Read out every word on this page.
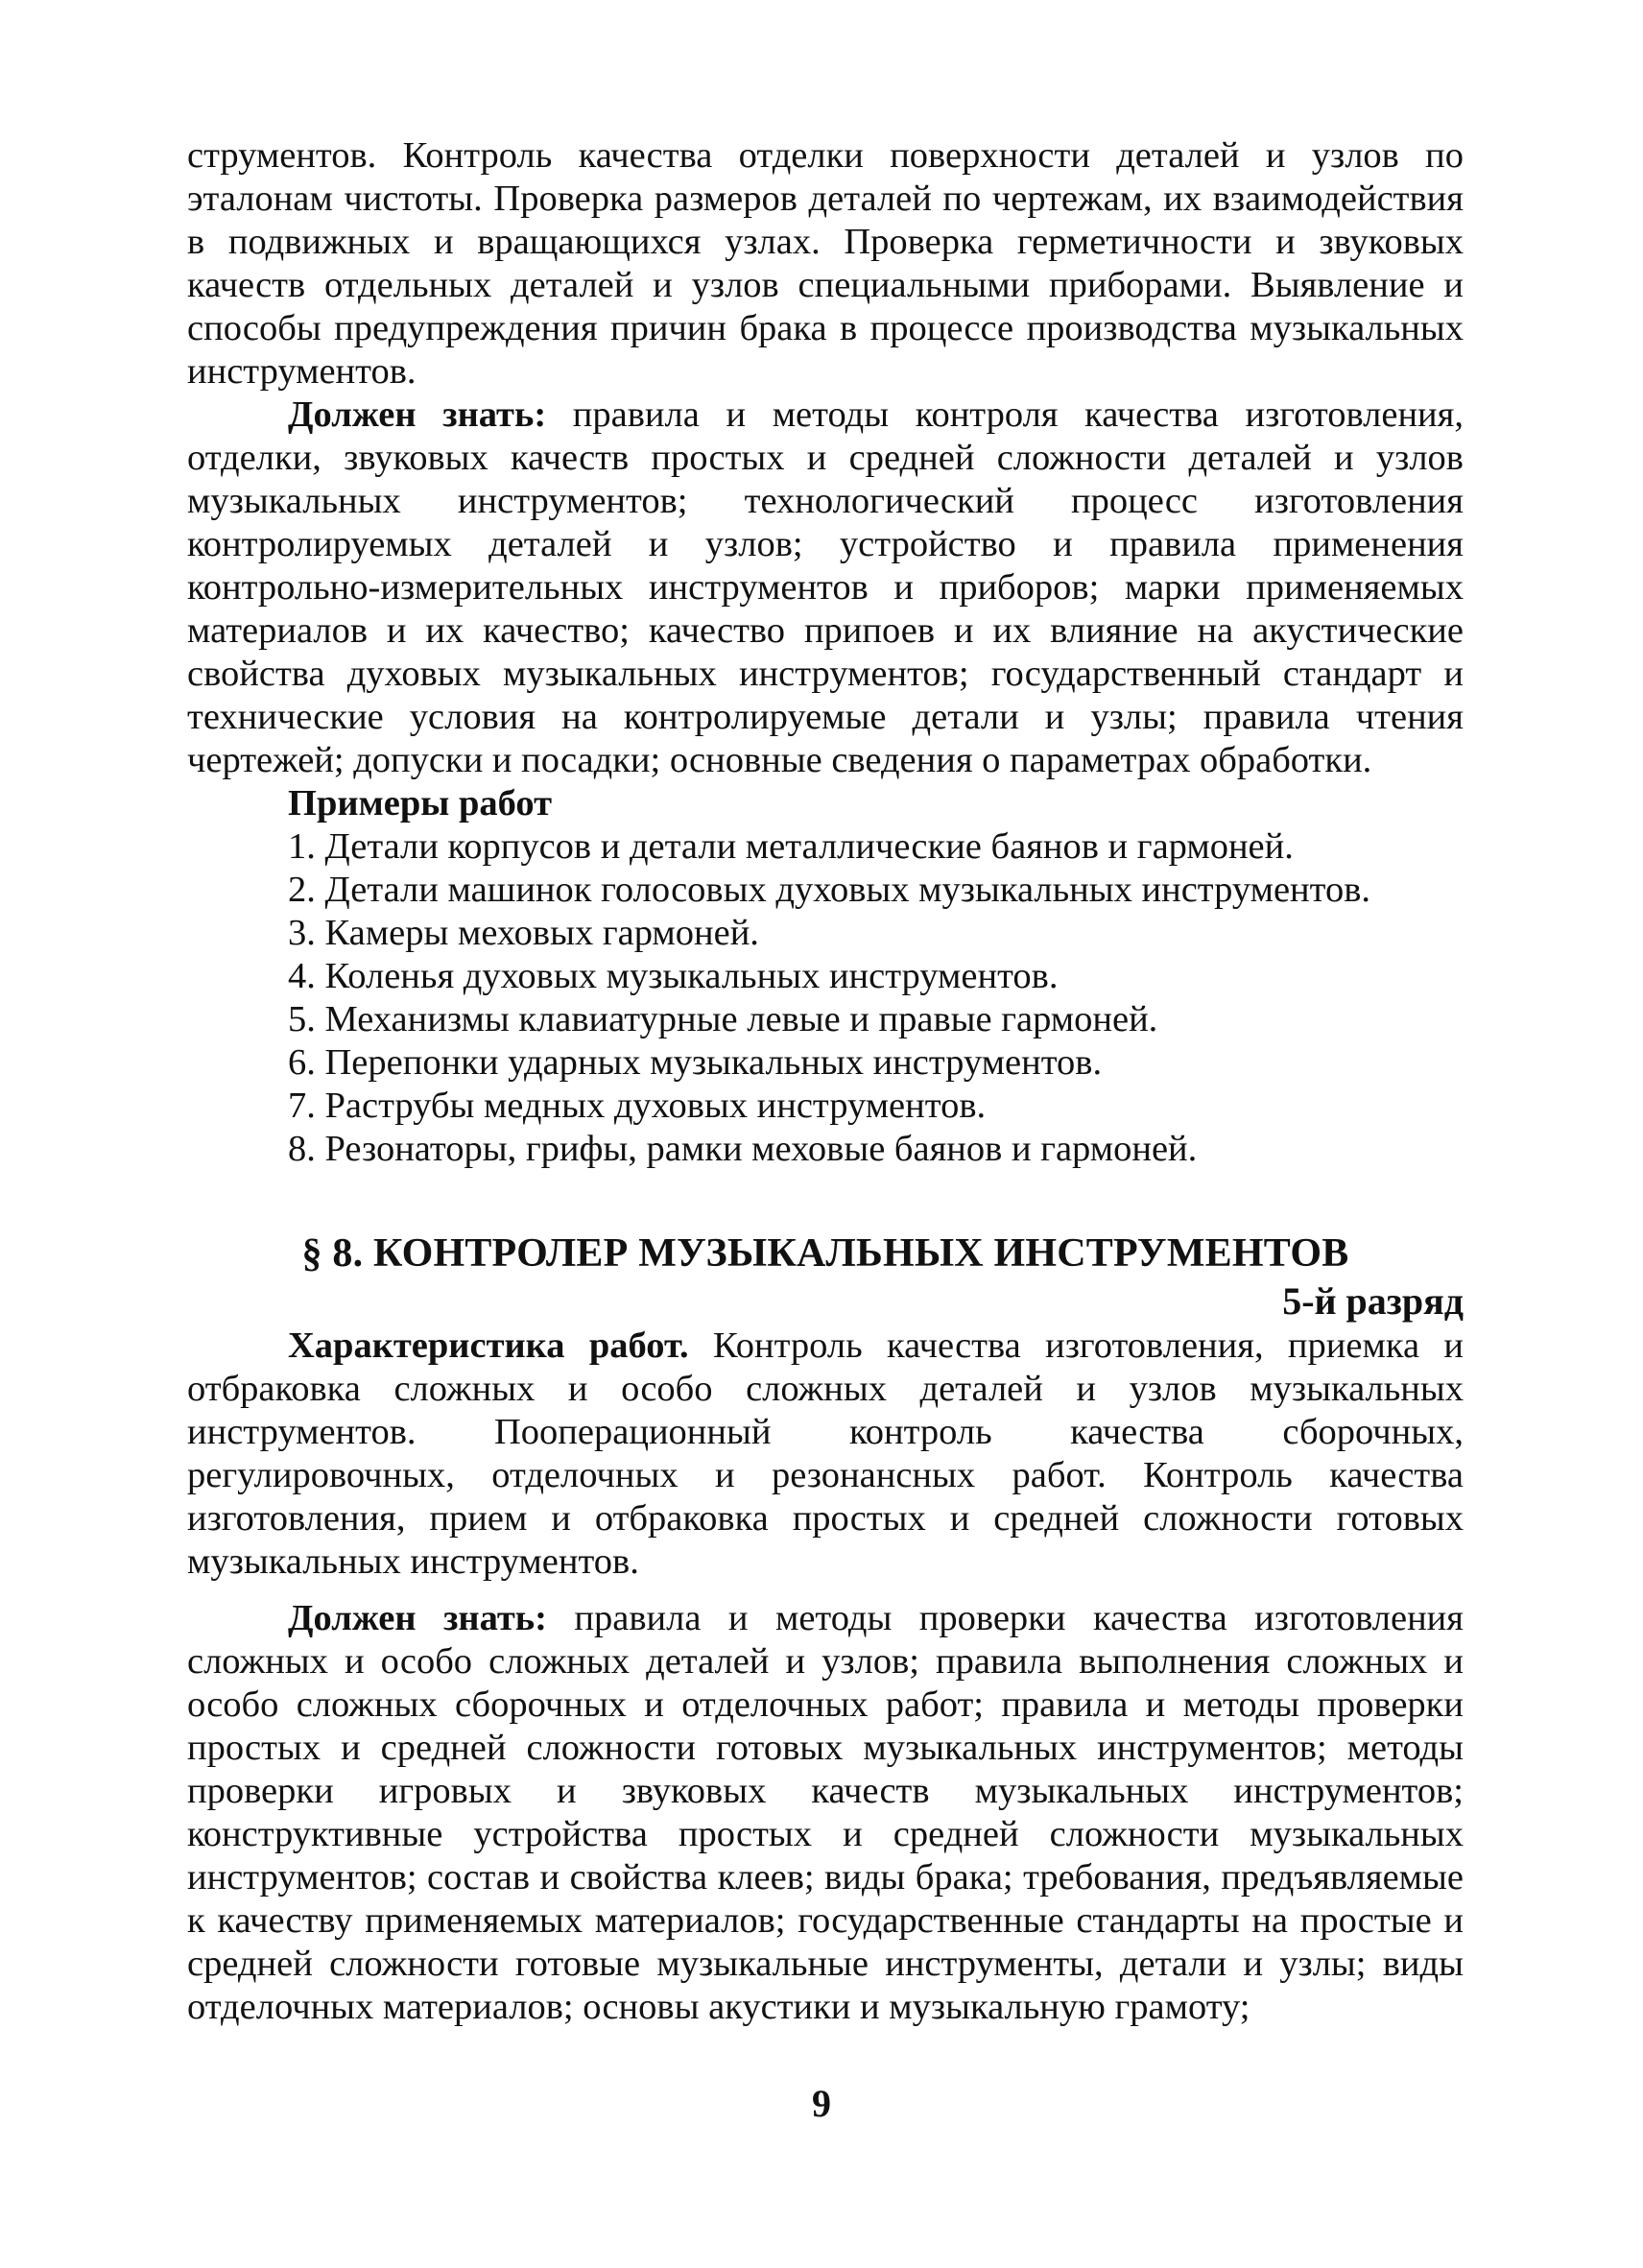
струментов. Контроль качества отделки поверхности деталей и узлов по эталонам чистоты. Проверка размеров деталей по чертежам, их взаимодействия в подвижных и вращающихся узлах. Проверка герметичности и звуковых качеств отдельных деталей и узлов специальными приборами. Выявление и способы предупреждения причин брака в процессе производства музыкальных инструментов.

Должен знать: правила и методы контроля качества изготовления, отделки, звуковых качеств простых и средней сложности деталей и узлов музыкальных инструментов; технологический процесс изготовления контролируемых деталей и узлов; устройство и правила применения контрольно-измерительных инструментов и приборов; марки применяемых материалов и их качество; качество припоев и их влияние на акустические свойства духовых музыкальных инструментов; государственный стандарт и технические условия на контролируемые детали и узлы; правила чтения чертежей; допуски и посадки; основные сведения о параметрах обработки.

Примеры работ

1. Детали корпусов и детали металлические баянов и гармоней.
2. Детали машинок голосовых духовых музыкальных инструментов.
3. Камеры меховых гармоней.
4. Коленья духовых музыкальных инструментов.
5. Механизмы клавиатурные левые и правые гармоней.
6. Перепонки ударных музыкальных инструментов.
7. Раструбы медных духовых инструментов.
8. Резонаторы, грифы, рамки меховые баянов и гармоней.
§ 8. КОНТРОЛЕР МУЗЫКАЛЬНЫХ ИНСТРУМЕНТОВ

5-й разряд

Характеристика работ. Контроль качества изготовления, приемка и отбраковка сложных и особо сложных деталей и узлов музыкальных инструментов. Пооперационный контроль качества сборочных, регулировочных, отделочных и резонансных работ. Контроль качества изготовления, прием и отбраковка простых и средней сложности готовых музыкальных инструментов.

Должен знать: правила и методы проверки качества изготовления сложных и особо сложных деталей и узлов; правила выполнения сложных и особо сложных сборочных и отделочных работ; правила и методы проверки простых и средней сложности готовых музыкальных инструментов; методы проверки игровых и звуковых качеств музыкальных инструментов; конструктивные устройства простых и средней сложности музыкальных инструментов; состав и свойства клеев; виды брака; требования, предъявляемые к качеству применяемых материалов; государственные стандарты на простые и средней сложности готовые музыкальные инструменты, детали и узлы; виды отделочных материалов; основы акустики и музыкальную грамоту;

9
